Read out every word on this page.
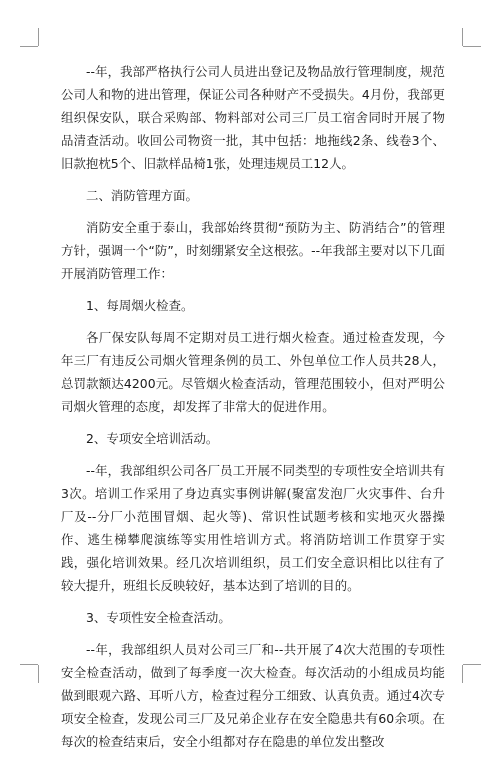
--年，我部严格执行公司人员进出登记及物品放行管理制度，规范公司人和物的进出管理，保证公司各种财产不受损失。4月份，我部更组织保安队，联合采购部、物料部对公司三厂员工宿舍同时开展了物品清查活动。收回公司物资一批，其中包括：地拖线2条、线卷3个、旧款抱枕5个、旧款样品椅1张，处理违规员工12人。

二、消防管理方面。

消防安全重于泰山，我部始终贯彻“预防为主、防消结合”的管理方针，强调一个“防”，时刻绷紧安全这根弦。--年我部主要对以下几面开展消防管理工作：

1、每周烟火检查。

各厂保安队每周不定期对员工进行烟火检查。通过检查发现，今年三厂有违反公司烟火管理条例的员工、外包单位工作人员共28人，总罚款额达4200元。尽管烟火检查活动，管理范围较小，但对严明公司烟火管理的态度，却发挥了非常大的促进作用。

2、专项安全培训活动。

--年，我部组织公司各厂员工开展不同类型的专项性安全培训共有3次。培训工作采用了身边真实事例讲解(聚富发泡厂火灾事件、台升厂及--分厂小范围冒烟、起火等)、常识性试题考核和实地灭火器操作、逃生梯攀爬演练等实用性培训方式。将消防培训工作贯穿于实践，强化培训效果。经几次培训组织，员工们安全意识相比以往有了较大提升，班组长反映较好，基本达到了培训的目的。

3、专项性安全检查活动。

--年，我部组织人员对公司三厂和--共开展了4次大范围的专项性安全检查活动，做到了每季度一次大检查。每次活动的小组成员均能做到眼观六路、耳听八方，检查过程分工细致、认真负责。通过4次专项安全检查，发现公司三厂及兄弟企业存在安全隐患共有60余项。在每次的检查结束后，安全小组都对存在隐患的单位发出整改
